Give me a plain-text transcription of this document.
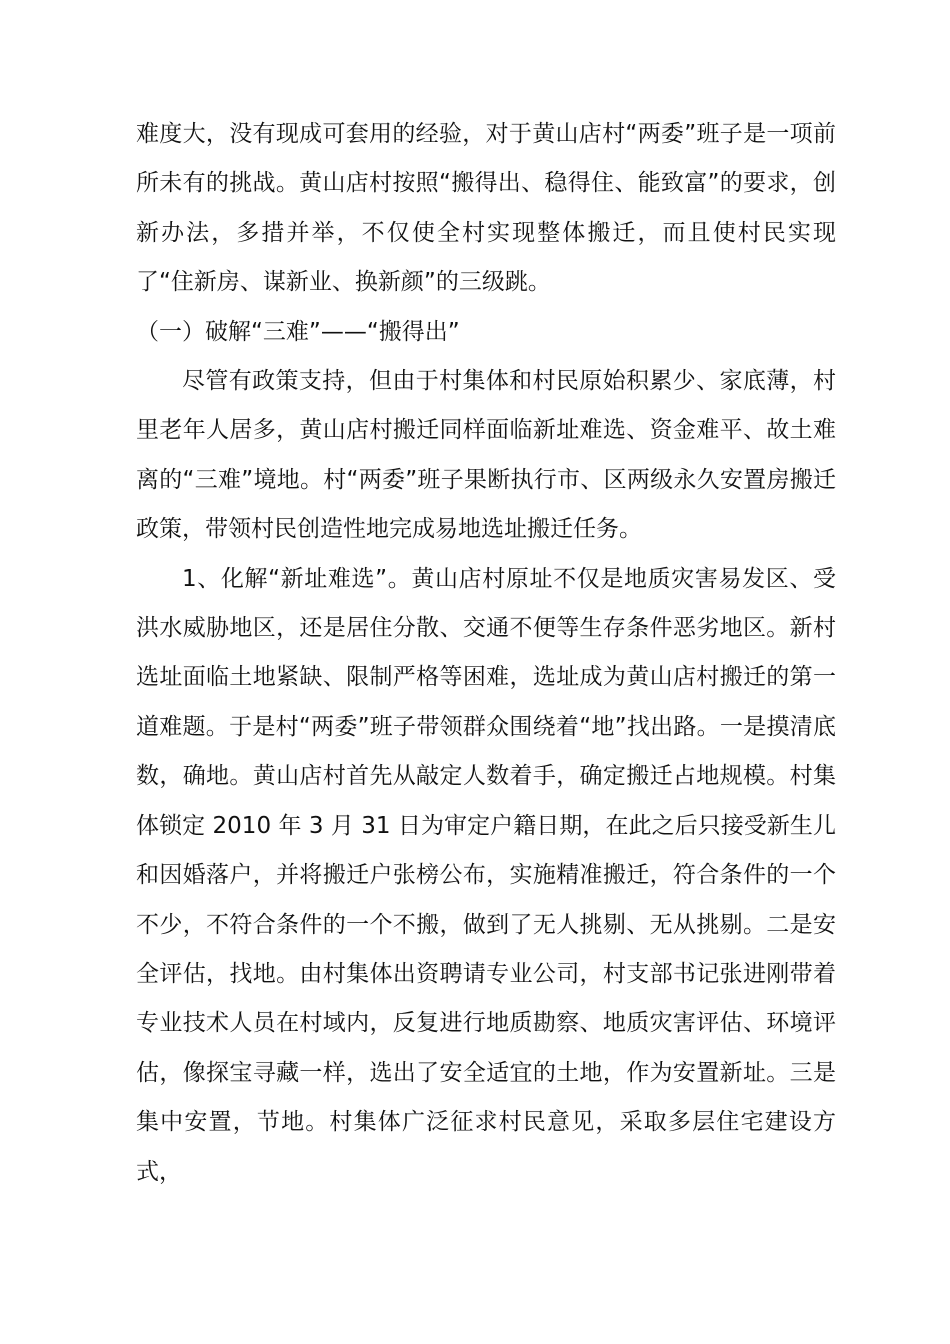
难度大，没有现成可套用的经验，对于黄山店村“两委”班子是一项前所未有的挑战。黄山店村按照“搬得出、稳得住、能致富”的要求，创新办法，多措并举，不仅使全村实现整体搬迁，而且使村民实现了“住新房、谋新业、换新颜”的三级跳。

（一）破解“三难”——“搬得出”

尽管有政策支持，但由于村集体和村民原始积累少、家底薄，村里老年人居多，黄山店村搬迁同样面临新址难选、资金难平、故土难离的“三难”境地。村“两委”班子果断执行市、区两级永久安置房搬迁政策，带领村民创造性地完成易地选址搬迁任务。

1、化解“新址难选”。黄山店村原址不仅是地质灾害易发区、受洪水威胁地区，还是居住分散、交通不便等生存条件恶劣地区。新村选址面临土地紧缺、限制严格等困难，选址成为黄山店村搬迁的第一道难题。于是村“两委”班子带领群众围绕着“地”找出路。一是摸清底数，确地。黄山店村首先从敲定人数着手，确定搬迁占地规模。村集体锁定 2010 年 3 月 31 日为审定户籍日期，在此之后只接受新生儿和因婚落户，并将搬迁户张榜公布，实施精准搬迁，符合条件的一个不少，不符合条件的一个不搬，做到了无人挑剔、无从挑剔。二是安全评估，找地。由村集体出资聘请专业公司，村支部书记张进刚带着专业技术人员在村域内，反复进行地质勘察、地质灾害评估、环境评估，像探宝寻藏一样，选出了安全适宜的土地，作为安置新址。三是集中安置，节地。村集体广泛征求村民意见，采取多层住宅建设方式，
